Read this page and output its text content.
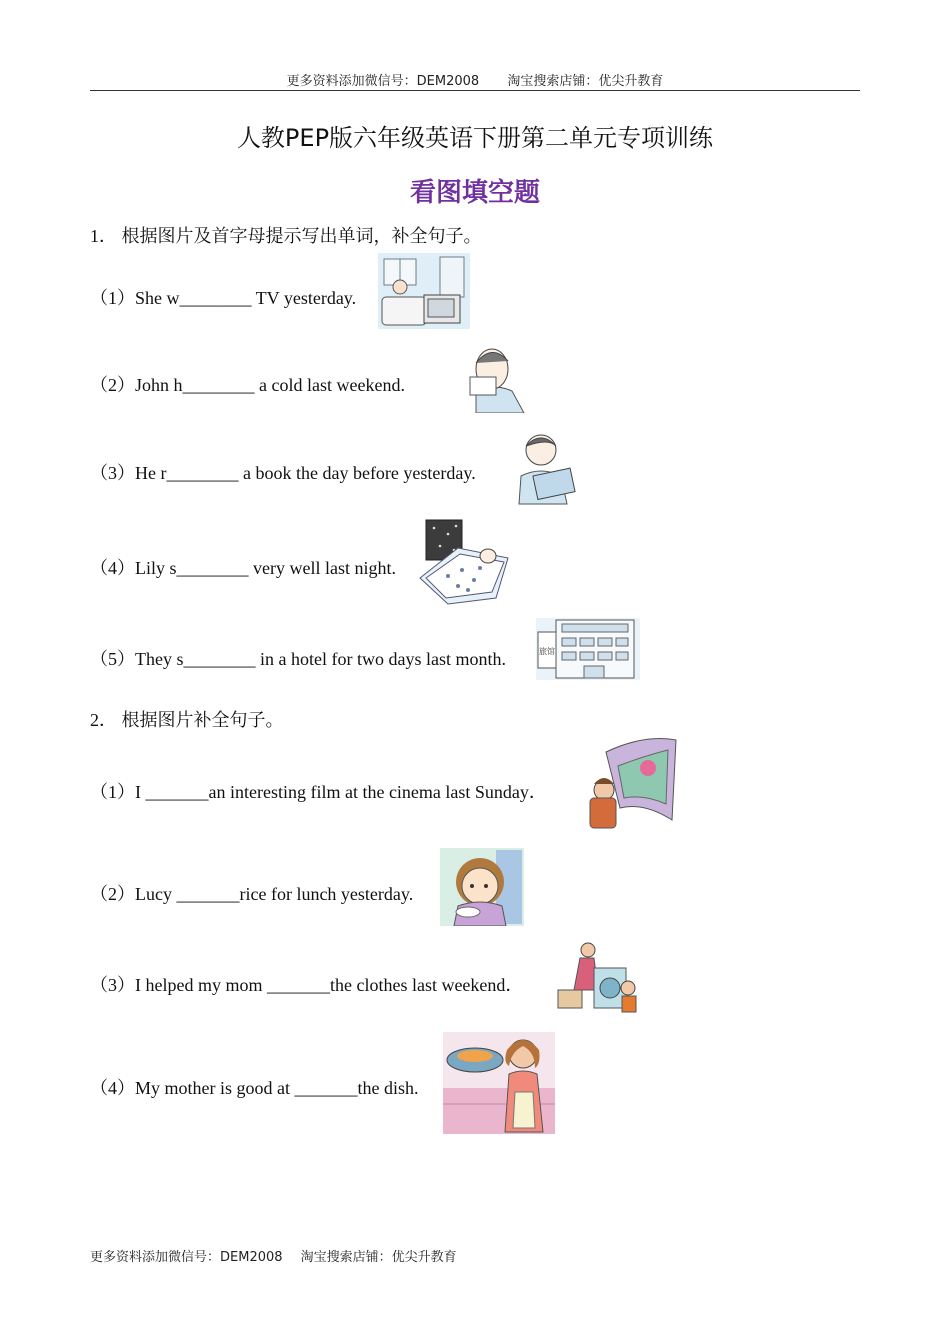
更多资料添加微信号：DEM2008 淘宝搜索店铺：优尖升教育
人教PEP版六年级英语下册第二单元专项训练
看图填空题
1． 根据图片及首字母提示写出单词，补全句子。
（1）She w________ TV yesterday.
（2）John h________ a cold last weekend.
（3）He r________ a book the day before yesterday.
（4）Lily s________ very well last night.
（5）They s________ in a hotel for two days last month.	旅馆
2． 根据图片补全句子。
（1）I _______an interesting film at the cinema last Sunday．
（2）Lucy _______rice for lunch yesterday.
（3）I helped my mom _______the clothes last weekend．
（4）My mother is good at _______the dish.
更多资料添加微信号：DEM2008 淘宝搜索店铺：优尖升教育
